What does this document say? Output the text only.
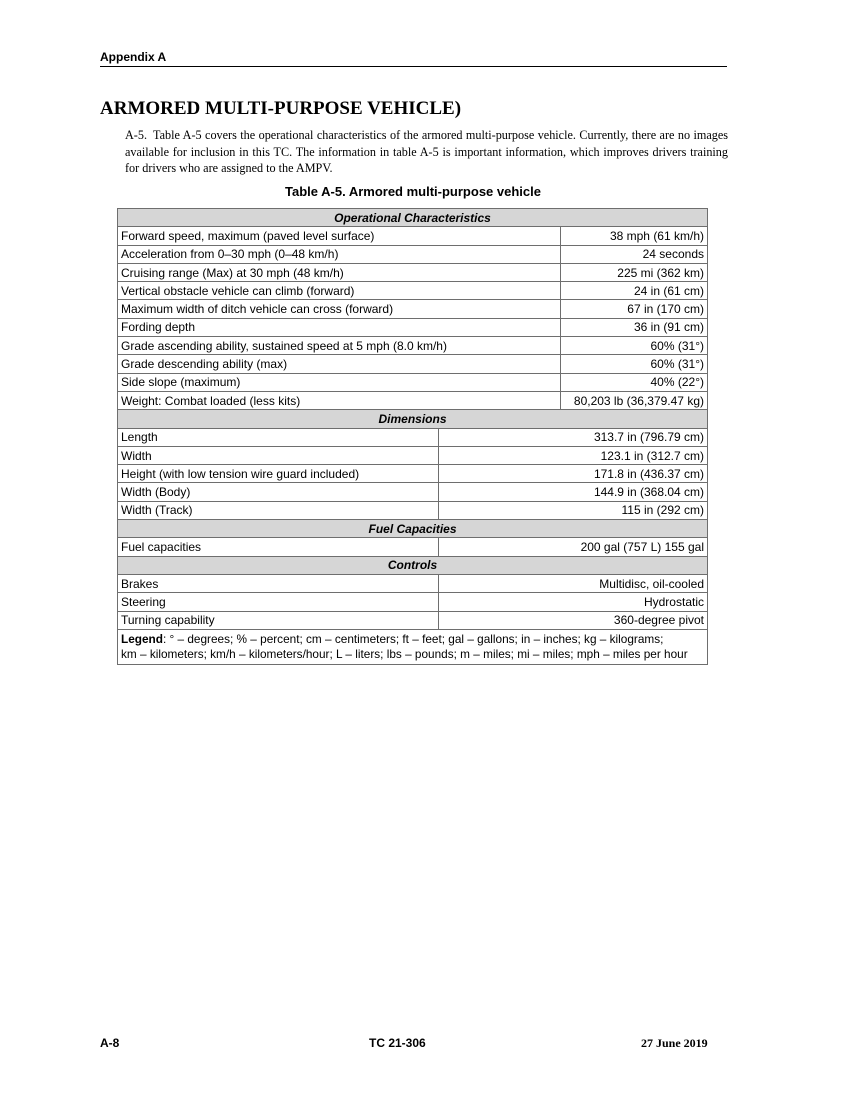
Appendix A
ARMORED MULTI-PURPOSE VEHICLE)

A-5. Table A-5 covers the operational characteristics of the armored multi-purpose vehicle. Currently, there are no images available for inclusion in this TC. The information in table A-5 is important information, which improves drivers training for drivers who are assigned to the AMPV.

Table A-5. Armored multi-purpose vehicle

Operational Characteristics		
Forward speed, maximum (paved level surface)		38 mph (61 km/h)
Acceleration from 0–30 mph (0–48 km/h)		24 seconds
Cruising range (Max) at 30 mph (48 km/h)		225 mi (362 km)
Vertical obstacle vehicle can climb (forward)		24 in (61 cm)
Maximum width of ditch vehicle can cross (forward)		67 in (170 cm)
Fording depth		36 in (91 cm)
Grade ascending ability, sustained speed at 5 mph (8.0 km/h)		60% (31°)
Grade descending ability (max)		60% (31°)
Side slope (maximum)		40% (22°)
Weight: Combat loaded (less kits)		80,203 lb (36,379.47 kg)
Dimensions		
Length	313.7 in (796.79 cm)	
Width	123.1 in (312.7 cm)	
Height (with low tension wire guard included)	171.8 in (436.37 cm)	
Width (Body)	144.9 in (368.04 cm)	
Width (Track)	115 in (292 cm)	
Fuel Capacities		
Fuel capacities	200 gal (757 L) 155 gal	
Controls		
Brakes	Multidisc, oil-cooled	
Steering	Hydrostatic	
Turning capability	360-degree pivot	
Legend: ° – degrees; % – percent; cm – centimeters; ft – feet; gal – gallons; in – inches; kg – kilograms;
km – kilometers; km/h – kilometers/hour; L – liters; lbs – pounds; m – miles; mi – miles; mph – miles per hour		
A-8	TC 21-306	27 June 2019
